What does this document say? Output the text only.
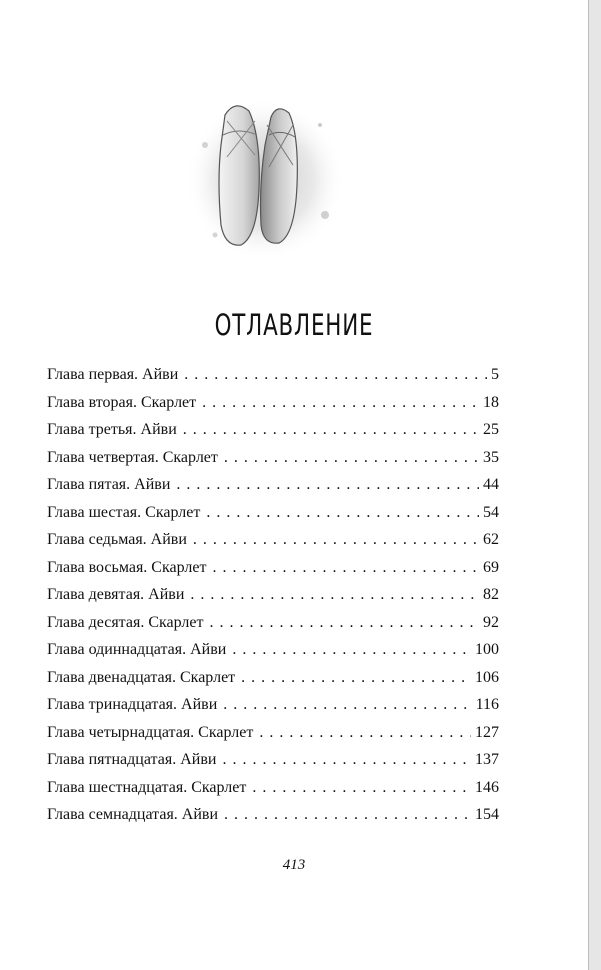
ОТЛАВЛЕНИЕ
Глава первая. Айви . . .	5
Глава вторая. Скарлет . . .	18
Глава третья. Айви . . .	25
Глава четвертая. Скарлет . . .	35
Глава пятая. Айви . . .	44
Глава шестая. Скарлет . . .	54
Глава седьмая. Айви . . .	62
Глава восьмая. Скарлет . . .	69
Глава девятая. Айви . . .	82
Глава десятая. Скарлет . . .	92
Глава одиннадцатая. Айви . . .	100
Глава двенадцатая. Скарлет . . .	106
Глава тринадцатая. Айви . . .	116
Глава четырнадцатая. Скарлет . . .	127
Глава пятнадцатая. Айви . . .	137
Глава шестнадцатая. Скарлет . . .	146
Глава семнадцатая. Айви . . .	154
413
